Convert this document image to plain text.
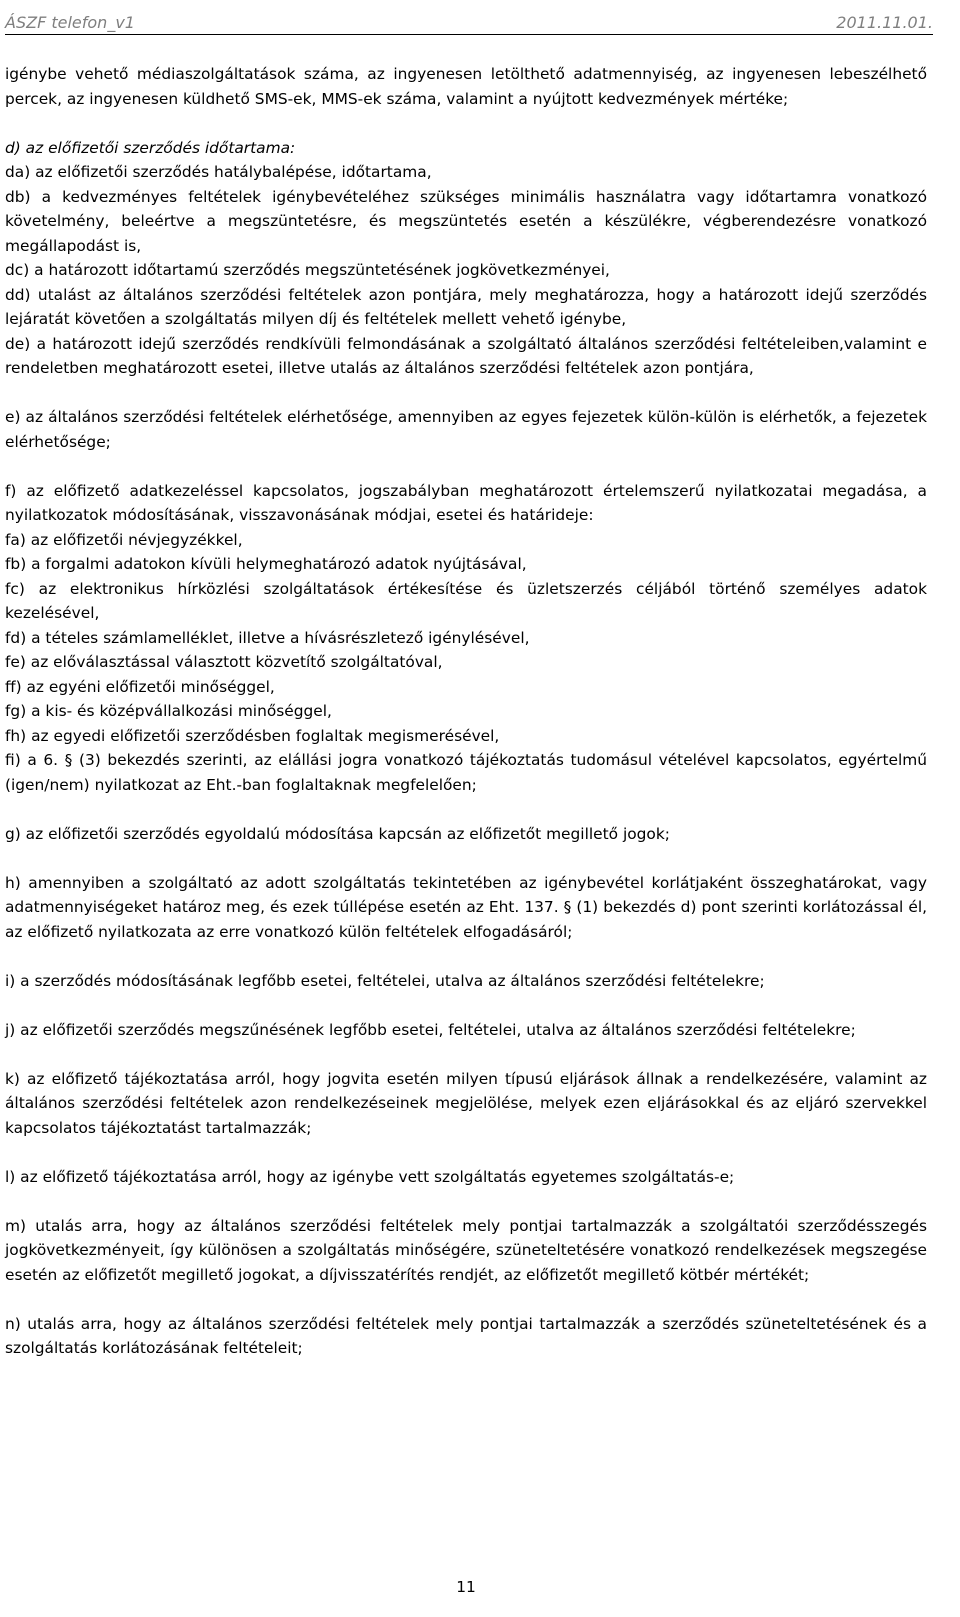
ÁSZF telefon_v1	2011.11.01.

igénybe vehető médiaszolgáltatások száma, az ingyenesen letölthető adatmennyiség, az ingyenesen lebeszélhető percek, az ingyenesen küldhető SMS-ek, MMS-ek száma, valamint a nyújtott kedvezmények mértéke;

d) az előfizetői szerződés időtartama:

da) az előfizetői szerződés hatálybalépése, időtartama,

db) a kedvezményes feltételek igénybevételéhez szükséges minimális használatra vagy időtartamra vonatkozó követelmény, beleértve a megszüntetésre, és megszüntetés esetén a készülékre, végberendezésre vonatkozó megállapodást is,

dc) a határozott időtartamú szerződés megszüntetésének jogkövetkezményei,

dd) utalást az általános szerződési feltételek azon pontjára, mely meghatározza, hogy a határozott idejű szerződés lejáratát követően a szolgáltatás milyen díj és feltételek mellett vehető igénybe,

de) a határozott idejű szerződés rendkívüli felmondásának a szolgáltató általános szerződési feltételeiben,valamint e rendeletben meghatározott esetei, illetve utalás az általános szerződési feltételek azon pontjára,

e) az általános szerződési feltételek elérhetősége, amennyiben az egyes fejezetek külön-külön is elérhetők, a fejezetek elérhetősége;

f) az előfizető adatkezeléssel kapcsolatos, jogszabályban meghatározott értelemszerű nyilatkozatai megadása, a nyilatkozatok módosításának, visszavonásának módjai, esetei és határideje:

fa) az előfizetői névjegyzékkel,

fb) a forgalmi adatokon kívüli helymeghatározó adatok nyújtásával,

fc) az elektronikus hírközlési szolgáltatások értékesítése és üzletszerzés céljából történő személyes adatok kezelésével,

fd) a tételes számlamelléklet, illetve a hívásrészletező igénylésével,

fe) az előválasztással választott közvetítő szolgáltatóval,

ff) az egyéni előfizetői minőséggel,

fg) a kis- és középvállalkozási minőséggel,

fh) az egyedi előfizetői szerződésben foglaltak megismerésével,

fi) a 6. § (3) bekezdés szerinti, az elállási jogra vonatkozó tájékoztatás tudomásul vételével kapcsolatos, egyértelmű (igen/nem) nyilatkozat az Eht.-ban foglaltaknak megfelelően;

g) az előfizetői szerződés egyoldalú módosítása kapcsán az előfizetőt megillető jogok;

h) amennyiben a szolgáltató az adott szolgáltatás tekintetében az igénybevétel korlátjaként összeghatárokat, vagy adatmennyiségeket határoz meg, és ezek túllépése esetén az Eht. 137. § (1) bekezdés d) pont szerinti korlátozással él, az előfizető nyilatkozata az erre vonatkozó külön feltételek elfogadásáról;

i) a szerződés módosításának legfőbb esetei, feltételei, utalva az általános szerződési feltételekre;

j) az előfizetői szerződés megszűnésének legfőbb esetei, feltételei, utalva az általános szerződési feltételekre;

k) az előfizető tájékoztatása arról, hogy jogvita esetén milyen típusú eljárások állnak a rendelkezésére, valamint az általános szerződési feltételek azon rendelkezéseinek megjelölése, melyek ezen eljárásokkal és az eljáró szervekkel kapcsolatos tájékoztatást tartalmazzák;

l) az előfizető tájékoztatása arról, hogy az igénybe vett szolgáltatás egyetemes szolgáltatás-e;

m) utalás arra, hogy az általános szerződési feltételek mely pontjai tartalmazzák a szolgáltatói szerződésszegés jogkövetkezményeit, így különösen a szolgáltatás minőségére, szüneteltetésére vonatkozó rendelkezések megszegése esetén az előfizetőt megillető jogokat, a díjvisszatérítés rendjét, az előfizetőt megillető kötbér mértékét;

n) utalás arra, hogy az általános szerződési feltételek mely pontjai tartalmazzák a szerződés szüneteltetésének és a szolgáltatás korlátozásának feltételeit;

11
